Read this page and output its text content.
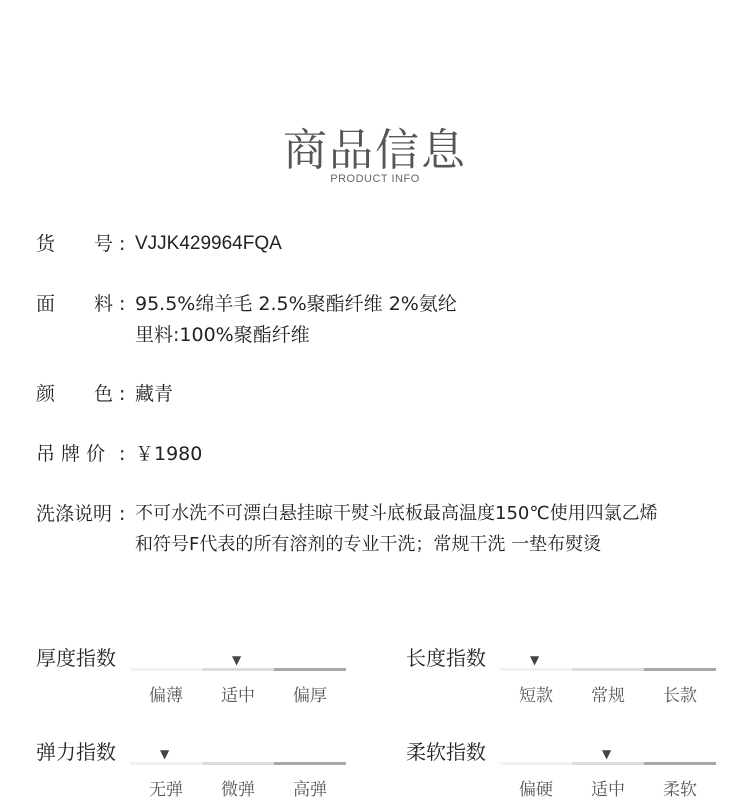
商品信息
PRODUCT INFO
货 号 : VJJK429964FQA
面 料 : 95.5%绵羊毛 2.5%聚酯纤维 2%氨纶
里料:100%聚酯纤维
颜 色 : 藏青
吊 牌 价 : ￥1980
洗涤说明 : 不可水洗不可漂白悬挂晾干熨斗底板最高温度150℃使用四氯乙烯
和符号F代表的所有溶剂的专业干洗；常规干洗 一垫布熨烫
厚度指数
偏薄	适中	偏厚
▼	长度指数
短款	常规	长款
▼
弹力指数
无弹	微弹	高弹
▼	柔软指数
偏硬	适中	柔软
▼
